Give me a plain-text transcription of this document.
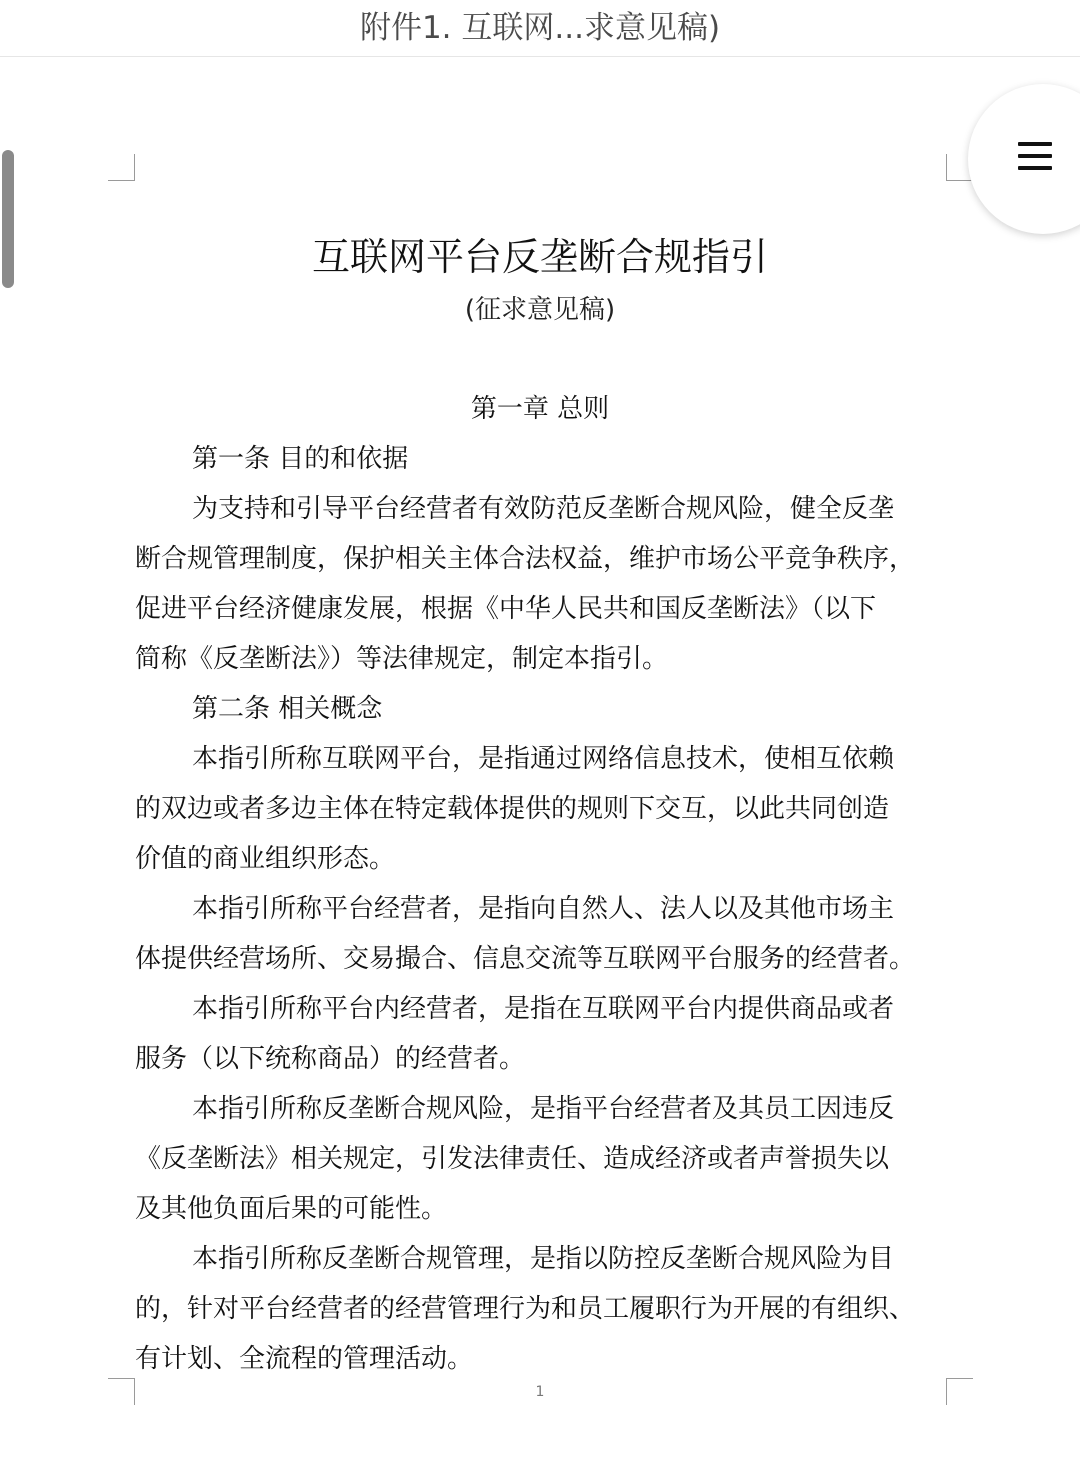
附件1. 互联网...求意见稿)
互联网平台反垄断合规指引
(征求意见稿)
第一章 总则
第一条 目的和依据
为支持和引导平台经营者有效防范反垄断合规风险，健全反垄
断合规管理制度，保护相关主体合法权益，维护市场公平竞争秩序，
促进平台经济健康发展，根据《中华人民共和国反垄断法》（以下
简称《反垄断法》）等法律规定，制定本指引。
第二条 相关概念
本指引所称互联网平台，是指通过网络信息技术，使相互依赖
的双边或者多边主体在特定载体提供的规则下交互，以此共同创造
价值的商业组织形态。
本指引所称平台经营者，是指向自然人、法人以及其他市场主
体提供经营场所、交易撮合、信息交流等互联网平台服务的经营者。
本指引所称平台内经营者，是指在互联网平台内提供商品或者
服务（以下统称商品）的经营者。
本指引所称反垄断合规风险，是指平台经营者及其员工因违反
《反垄断法》相关规定，引发法律责任、造成经济或者声誉损失以
及其他负面后果的可能性。
本指引所称反垄断合规管理，是指以防控反垄断合规风险为目
的，针对平台经营者的经营管理行为和员工履职行为开展的有组织、
有计划、全流程的管理活动。
1
